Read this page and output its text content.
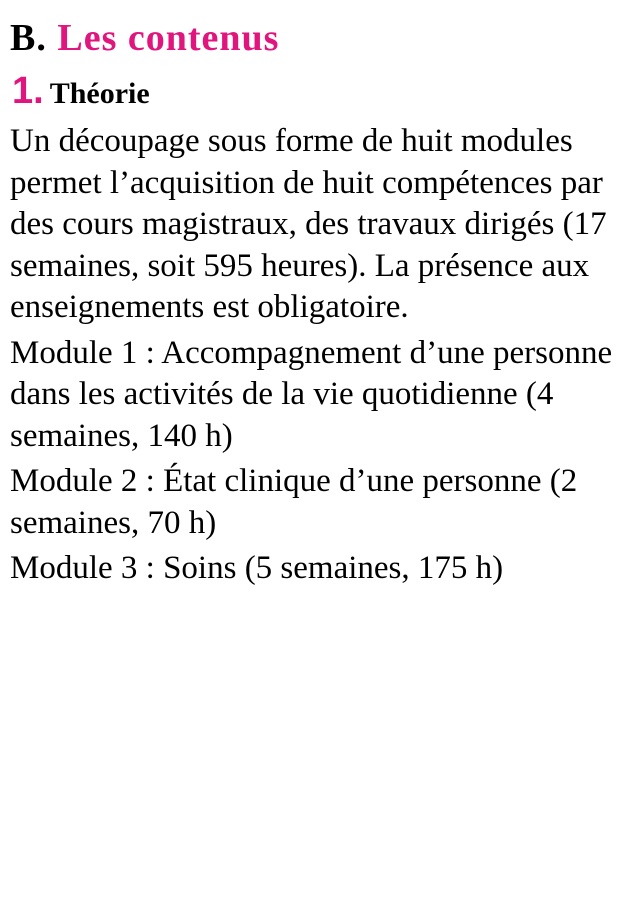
B. Les contenus
1. Théorie

Un découpage sous forme de huit modules permet l’acquisition de huit compétences par des cours magistraux, des travaux dirigés (17 semaines, soit 595 heures). La présence aux enseignements est obligatoire.

Module 1 : Accompagnement d’une personne dans les activités de la vie quotidienne (4 semaines, 140 h)

Module 2 : État clinique d’une personne (2 semaines, 70 h)

Module 3 : Soins (5 semaines, 175 h)
